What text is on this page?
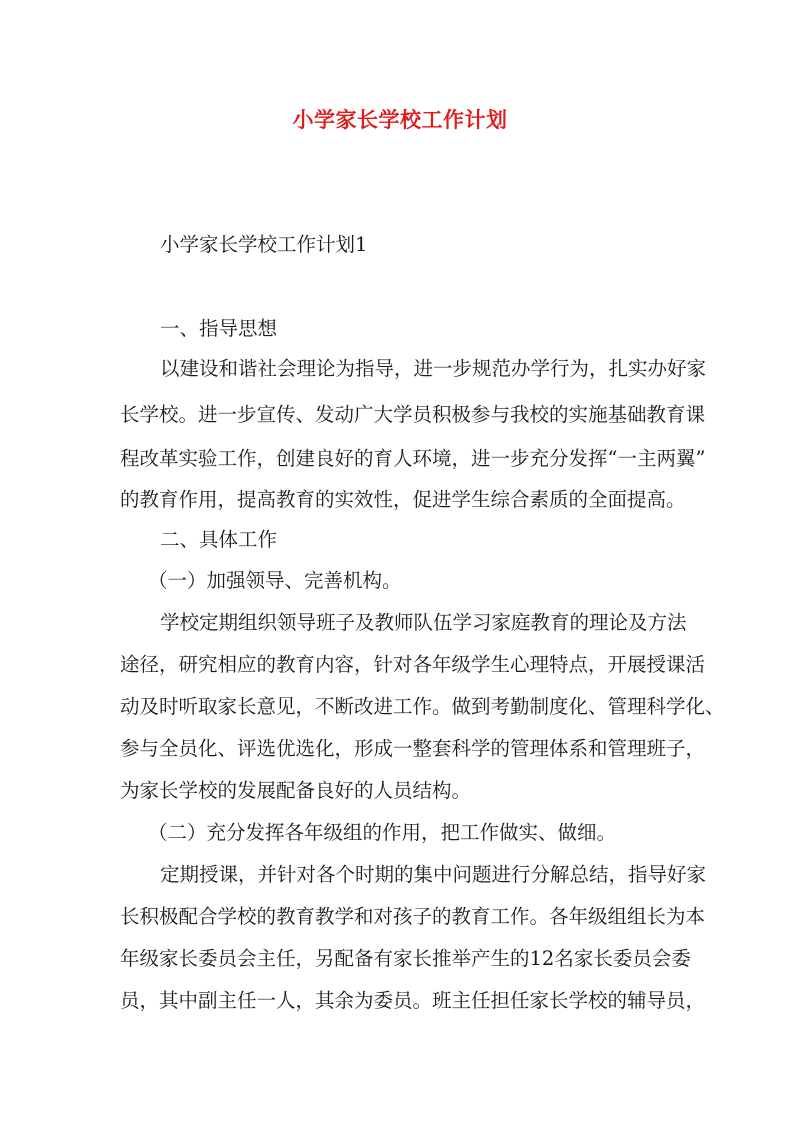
小学家长学校工作计划
小学家长学校工作计划1
一、指导思想
以建设和谐社会理论为指导，进一步规范办学行为，扎实办好家
长学校。进一步宣传、发动广大学员积极参与我校的实施基础教育课
程改革实验工作，创建良好的育人环境，进一步充分发挥“一主两翼”
的教育作用，提高教育的实效性，促进学生综合素质的全面提高。
二、具体工作
（一）加强领导、完善机构。
学校定期组织领导班子及教师队伍学习家庭教育的理论及方法
途径，研究相应的教育内容，针对各年级学生心理特点，开展授课活
动及时听取家长意见，不断改进工作。做到考勤制度化、管理科学化、
参与全员化、评选优选化，形成一整套科学的管理体系和管理班子，
为家长学校的发展配备良好的人员结构。
（二）充分发挥各年级组的作用，把工作做实、做细。
定期授课，并针对各个时期的集中问题进行分解总结，指导好家
长积极配合学校的教育教学和对孩子的教育工作。各年级组组长为本
年级家长委员会主任，另配备有家长推举产生的12名家长委员会委
员，其中副主任一人，其余为委员。班主任担任家长学校的辅导员，
